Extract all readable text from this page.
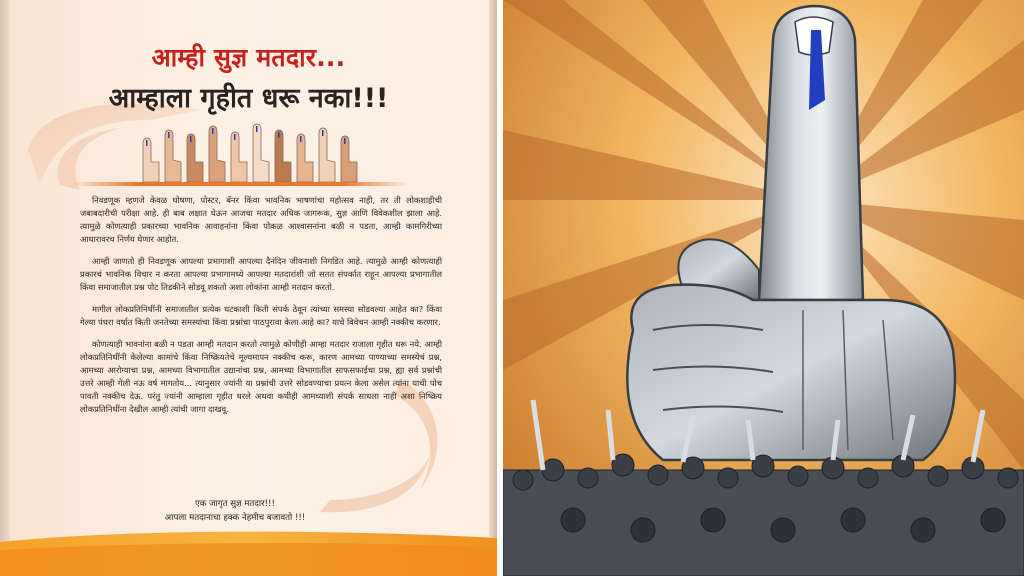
आम्ही सुज्ञ मतदार...
आम्हाला गृहीत धरू नका!!!

निवडणूक म्हणजे केवळ घोषणा, पोस्टर, बॅनर किंवा भावनिक भाषणांचा महोत्सव नाही, तर ती लोकशाहीची जबाबदारीची परीक्षा आहे. ही बाब लक्षात घेऊन आजचा मतदार अधिक जागरूक, सुज्ञ आणि विवेकशील झाला आहे. त्यामुळे कोणत्याही प्रकारच्या भावनिक आवाहनांना किंवा पोकळ आश्वासनांना बळी न पडता, आम्ही कामगिरीच्या आधारावरच निर्णय घेणार आहोत.

आम्ही जाणतो ही निवडणूक आपल्या प्रभागाशी आपल्या दैनंदिन जीवनाशी निगडित आहे. त्यामुळे आम्ही कोणत्याही प्रकारचं भावनिक विचार न करता आपल्या प्रभागामध्ये आपल्या मतदारांशी जो सतत संपर्कात राहून आपल्या प्रभागातील किंवा समाजातील प्रश्न पोट तिडकीने सोडवू शकतो अशा लोकांना आम्ही मतदान करतो.

मागील लोकप्रतिनिधींनी समाजातील प्रत्येक घटकाशी किती संपर्क ठेवून त्यांच्या समस्या सोडवल्या आहेत का? किंवा गेल्या पंधरा वर्षात किती जनतेच्या समस्यांचा किंवा प्रश्नांचा पाठपुरावा केला आहे का? याचे विवेचन आम्ही नक्कीच करणार.

कोणत्याही भावनांना बळी न पडता आम्ही मतदान करतो त्यामुळे कोणीही आम्हा मतदार राजाला गृहीत धरू नये. आम्ही लोकप्रतिनिधींनी केलेल्या कामांचे किंवा निष्क्रियतेचे मूल्यमापन नक्कीच करू, कारण आमच्या पाण्याच्या समस्येचं प्रश्न, आमच्या आरोग्याचा प्रश्न, आमच्या विभागातील उद्यानांचा प्रश्न, आमच्या विभागातील साफसफाईचा प्रश्न, ह्या सर्व प्रश्नांची उत्तरे आम्ही गेली नऊ वर्ष मागतोय... त्यानुसार ज्यांनी या प्रश्नांची उत्तरे सोडवण्याचा प्रयत्न केला असेल त्यांना याची पोच पावती नक्कीच देऊ. परंतु ज्यांनी आम्हाला गृहीत धरले अथवा कधीही आमच्याशी संपर्क साधला नाही अशा निष्क्रिय लोकप्रतिनिधींना देखील आम्ही त्यांची जागा दाखवू.

एक जागृत सुज्ञ मतदार!!!
आपला मतदानाचा हक्क नेहमीच बजावतो !!!
